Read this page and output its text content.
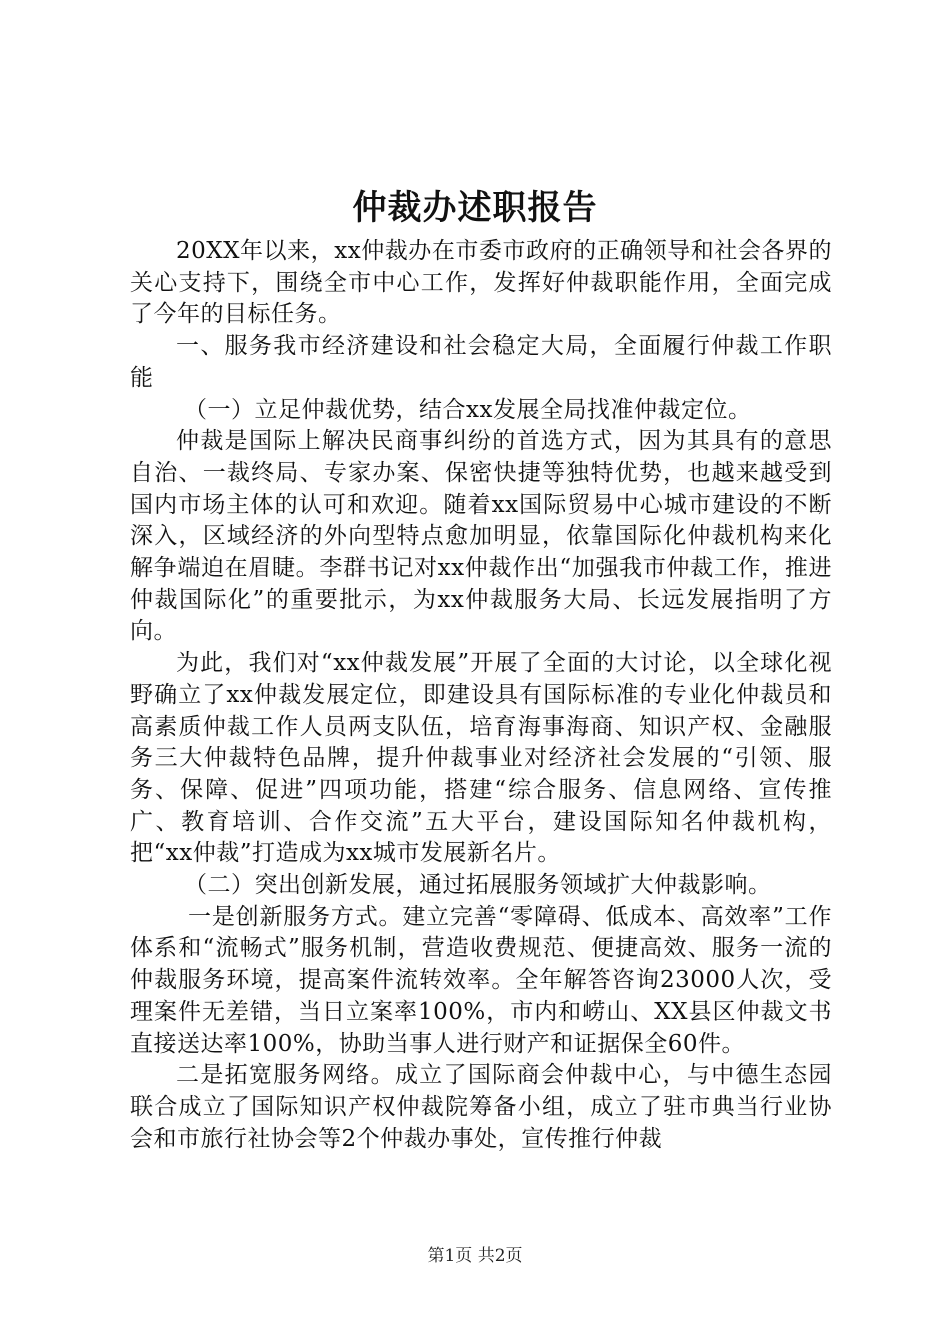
仲裁办述职报告

20XX年以来，xx仲裁办在市委市政府的正确领导和社会各界的关心支持下，围绕全市中心工作，发挥好仲裁职能作用，全面完成了今年的目标任务。

一、服务我市经济建设和社会稳定大局，全面履行仲裁工作职能

（一）立足仲裁优势，结合xx发展全局找准仲裁定位。

仲裁是国际上解决民商事纠纷的首选方式，因为其具有的意思自治、一裁终局、专家办案、保密快捷等独特优势，也越来越受到国内市场主体的认可和欢迎。随着xx国际贸易中心城市建设的不断深入，区域经济的外向型特点愈加明显，依靠国际化仲裁机构来化解争端迫在眉睫。李群书记对xx仲裁作出“加强我市仲裁工作，推进仲裁国际化”的重要批示，为xx仲裁服务大局、长远发展指明了方向。

为此，我们对“xx仲裁发展”开展了全面的大讨论，以全球化视野确立了xx仲裁发展定位，即建设具有国际标准的专业化仲裁员和高素质仲裁工作人员两支队伍，培育海事海商、知识产权、金融服务三大仲裁特色品牌，提升仲裁事业对经济社会发展的“引领、服务、保障、促进”四项功能，搭建“综合服务、信息网络、宣传推广、教育培训、合作交流”五大平台，建设国际知名仲裁机构，把“xx仲裁”打造成为xx城市发展新名片。

（二）突出创新发展，通过拓展服务领域扩大仲裁影响。

一是创新服务方式。建立完善“零障碍、低成本、高效率”工作体系和“流畅式”服务机制，营造收费规范、便捷高效、服务一流的仲裁服务环境，提高案件流转效率。全年解答咨询23000人次，受理案件无差错，当日立案率100%，市内和崂山、XX县区仲裁文书直接送达率100%，协助当事人进行财产和证据保全60件。

二是拓宽服务网络。成立了国际商会仲裁中心，与中德生态园联合成立了国际知识产权仲裁院筹备小组，成立了驻市典当行业协会和市旅行社协会等2个仲裁办事处，宣传推行仲裁

第1页 共2页
